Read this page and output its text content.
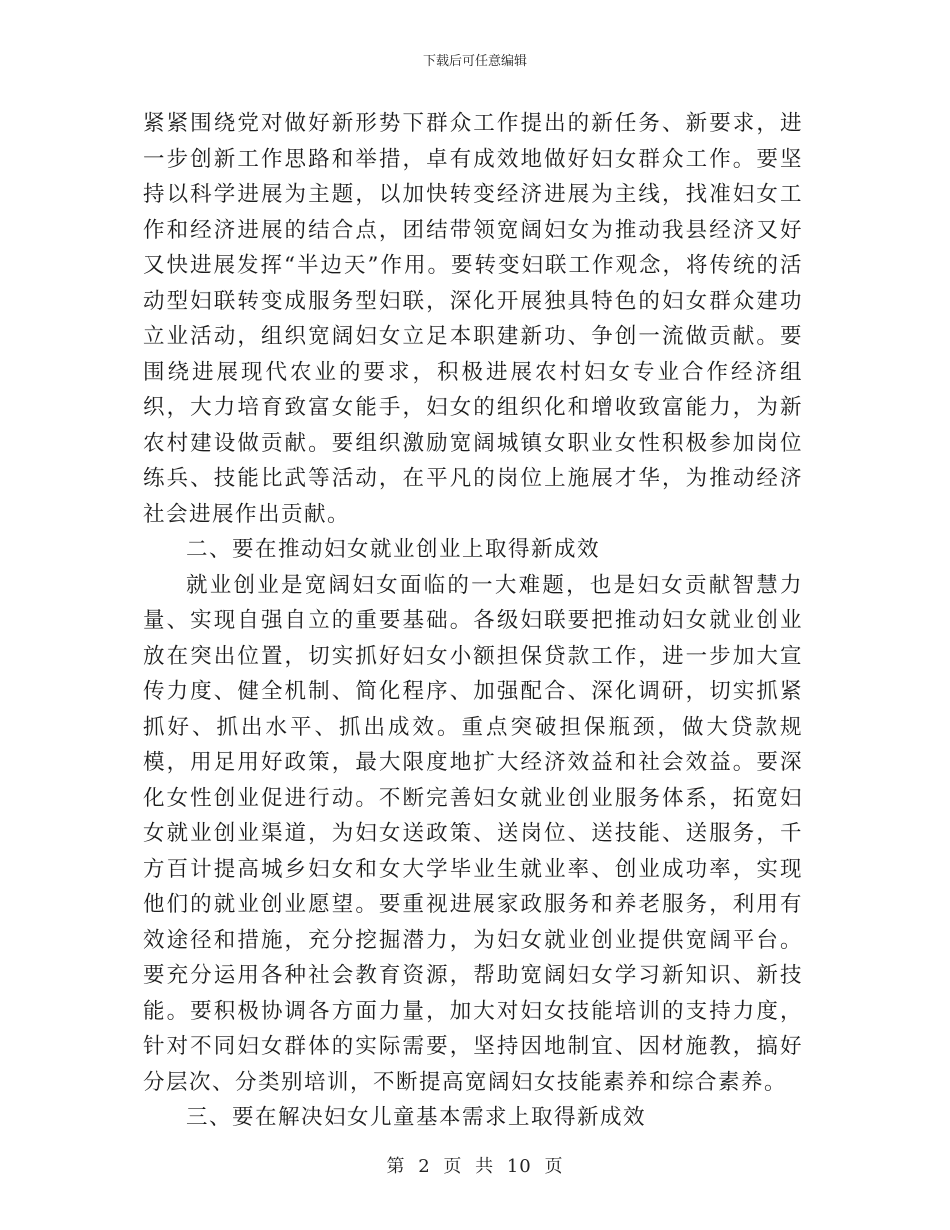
下载后可任意编辑

紧紧围绕党对做好新形势下群众工作提出的新任务、新要求，进一步创新工作思路和举措，卓有成效地做好妇女群众工作。要坚持以科学进展为主题，以加快转变经济进展为主线，找准妇女工作和经济进展的结合点，团结带领宽阔妇女为推动我县经济又好又快进展发挥“半边天”作用。要转变妇联工作观念，将传统的活动型妇联转变成服务型妇联，深化开展独具特色的妇女群众建功立业活动，组织宽阔妇女立足本职建新功、争创一流做贡献。要围绕进展现代农业的要求，积极进展农村妇女专业合作经济组织，大力培育致富女能手，妇女的组织化和增收致富能力，为新农村建设做贡献。要组织激励宽阔城镇女职业女性积极参加岗位练兵、技能比武等活动，在平凡的岗位上施展才华，为推动经济社会进展作出贡献。

二、要在推动妇女就业创业上取得新成效

就业创业是宽阔妇女面临的一大难题，也是妇女贡献智慧力量、实现自强自立的重要基础。各级妇联要把推动妇女就业创业放在突出位置，切实抓好妇女小额担保贷款工作，进一步加大宣传力度、健全机制、简化程序、加强配合、深化调研，切实抓紧抓好、抓出水平、抓出成效。重点突破担保瓶颈，做大贷款规模，用足用好政策，最大限度地扩大经济效益和社会效益。要深化女性创业促进行动。不断完善妇女就业创业服务体系，拓宽妇女就业创业渠道，为妇女送政策、送岗位、送技能、送服务，千方百计提高城乡妇女和女大学毕业生就业率、创业成功率，实现他们的就业创业愿望。要重视进展家政服务和养老服务，利用有效途径和措施，充分挖掘潜力，为妇女就业创业提供宽阔平台。要充分运用各种社会教育资源，帮助宽阔妇女学习新知识、新技能。要积极协调各方面力量，加大对妇女技能培训的支持力度，针对不同妇女群体的实际需要，坚持因地制宜、因材施教，搞好分层次、分类别培训，不断提高宽阔妇女技能素养和综合素养。

三、要在解决妇女儿童基本需求上取得新成效

第 2 页 共 10 页
